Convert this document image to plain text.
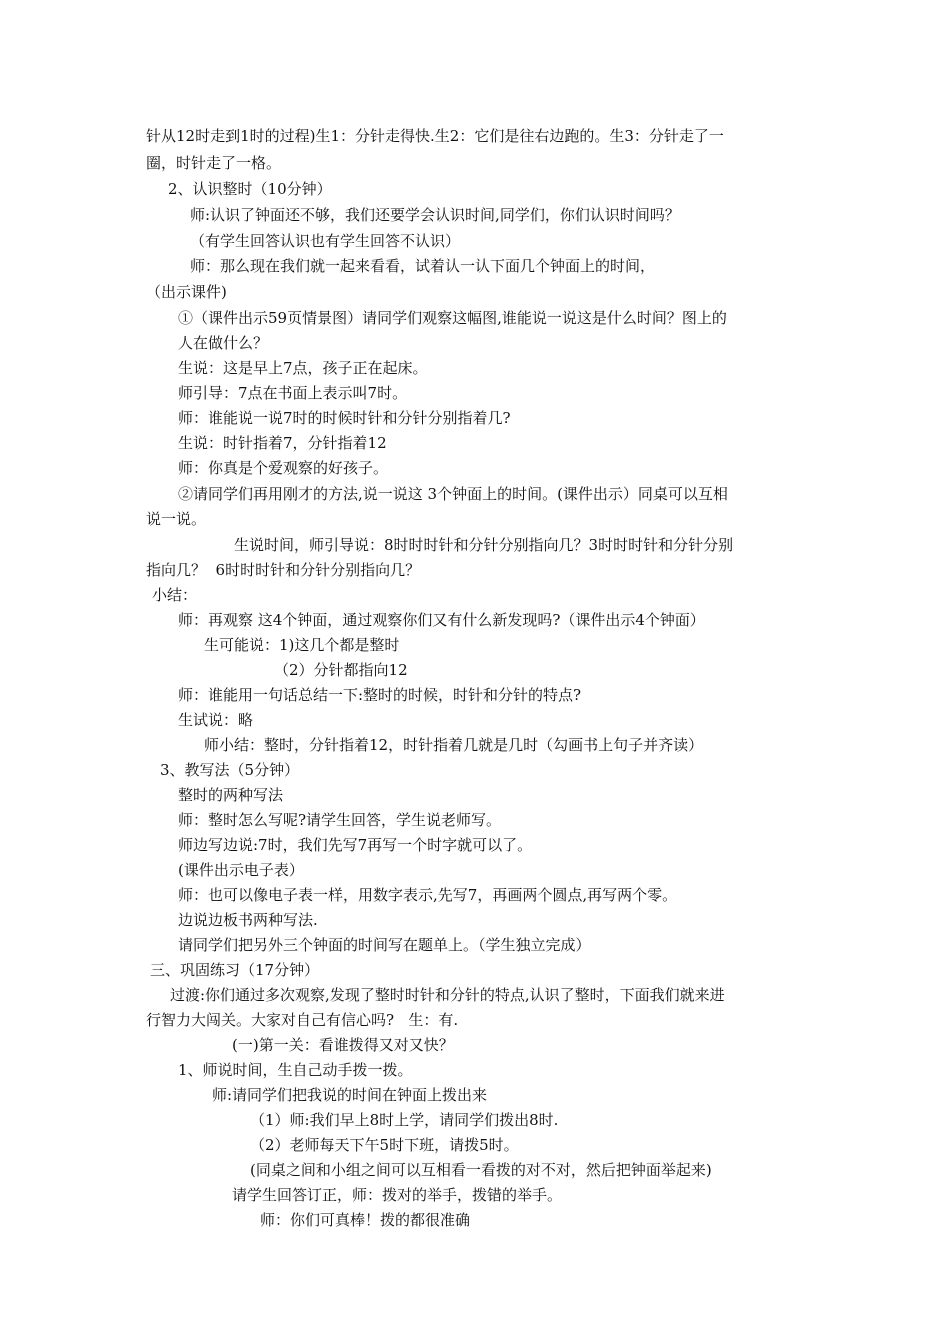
针从12时走到1时的过程)生1：分针走得快.生2：它们是往右边跑的。生3：分针走了一
圈，时针走了一格。
2、认识整时（10分钟）
师:认识了钟面还不够，我们还要学会认识时间,同学们，你们认识时间吗？
（有学生回答认识也有学生回答不认识）
师：那么现在我们就一起来看看，试着认一认下面几个钟面上的时间，
（出示课件)
①（课件出示59页情景图）请同学们观察这幅图,谁能说一说这是什么时间？图上的
人在做什么？
生说：这是早上7点，孩子正在起床。
师引导：7点在书面上表示叫7时。
师：谁能说一说7时的时候时针和分针分别指着几?
生说：时针指着7，分针指着12
师：你真是个爱观察的好孩子。
②请同学们再用刚才的方法,说一说这 3个钟面上的时间。(课件出示）同桌可以互相
说一说。
生说时间，师引导说：8时时时针和分针分别指向几？3时时时针和分针分别
指向几？  6时时时针和分针分别指向几？
小结：
师：再观察 这4个钟面，通过观察你们又有什么新发现吗?（课件出示4个钟面）
生可能说：1)这几个都是整时
（2）分针都指向12
师：谁能用一句话总结一下:整时的时候，时针和分针的特点?
生试说：略
师小结：整时，分针指着12，时针指着几就是几时（勾画书上句子并齐读）
3、教写法（5分钟）
整时的两种写法
师：整时怎么写呢?请学生回答，学生说老师写。
师边写边说:7时，我们先写7再写一个时字就可以了。
(课件出示电子表）
师：也可以像电子表一样，用数字表示,先写7，再画两个圆点,再写两个零。
边说边板书两种写法.
请同学们把另外三个钟面的时间写在题单上。（学生独立完成）
三、巩固练习（17分钟）
过渡:你们通过多次观察,发现了整时时针和分针的特点,认识了整时，下面我们就来进
行智力大闯关。大家对自己有信心吗?   生：有.
(一)第一关：看谁拨得又对又快？
1、师说时间，生自己动手拨一拨。
师:请同学们把我说的时间在钟面上拨出来
（1）师:我们早上8时上学，请同学们拨出8时.
（2）老师每天下午5时下班，请拨5时。
(同桌之间和小组之间可以互相看一看拨的对不对，然后把钟面举起来)
请学生回答订正，师：拨对的举手，拨错的举手。
师：你们可真棒！拨的都很准确
